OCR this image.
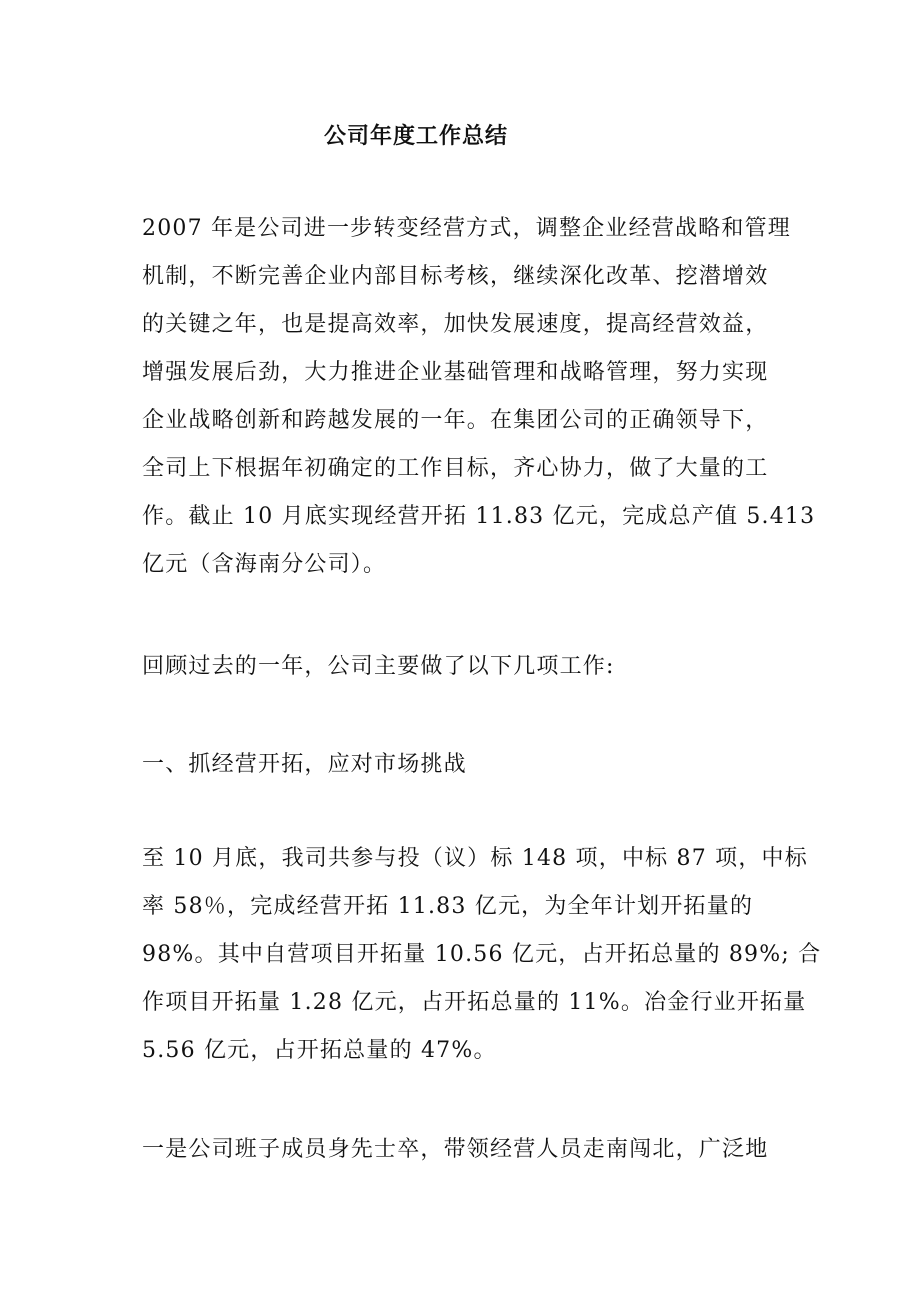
公司年度工作总结
2007 年是公司进一步转变经营方式，调整企业经营战略和管理
机制，不断完善企业内部目标考核，继续深化改革、挖潜增效
的关键之年，也是提高效率，加快发展速度，提高经营效益，
增强发展后劲，大力推进企业基础管理和战略管理，努力实现
企业战略创新和跨越发展的一年。在集团公司的正确领导下，
全司上下根据年初确定的工作目标，齐心协力，做了大量的工
作。截止 10 月底实现经营开拓 11.83 亿元，完成总产值 5.413
亿元（含海南分公司）。
回顾过去的一年，公司主要做了以下几项工作:
一、抓经营开拓，应对市场挑战
至 10 月底，我司共参与投（议）标 148 项，中标 87 项，中标
率 58％，完成经营开拓 11.83 亿元，为全年计划开拓量的
98%。其中自营项目开拓量 10.56 亿元，占开拓总量的 89%; 合
作项目开拓量 1.28 亿元，占开拓总量的 11%。冶金行业开拓量
5.56 亿元，占开拓总量的 47%。
一是公司班子成员身先士卒，带领经营人员走南闯北，广泛地
